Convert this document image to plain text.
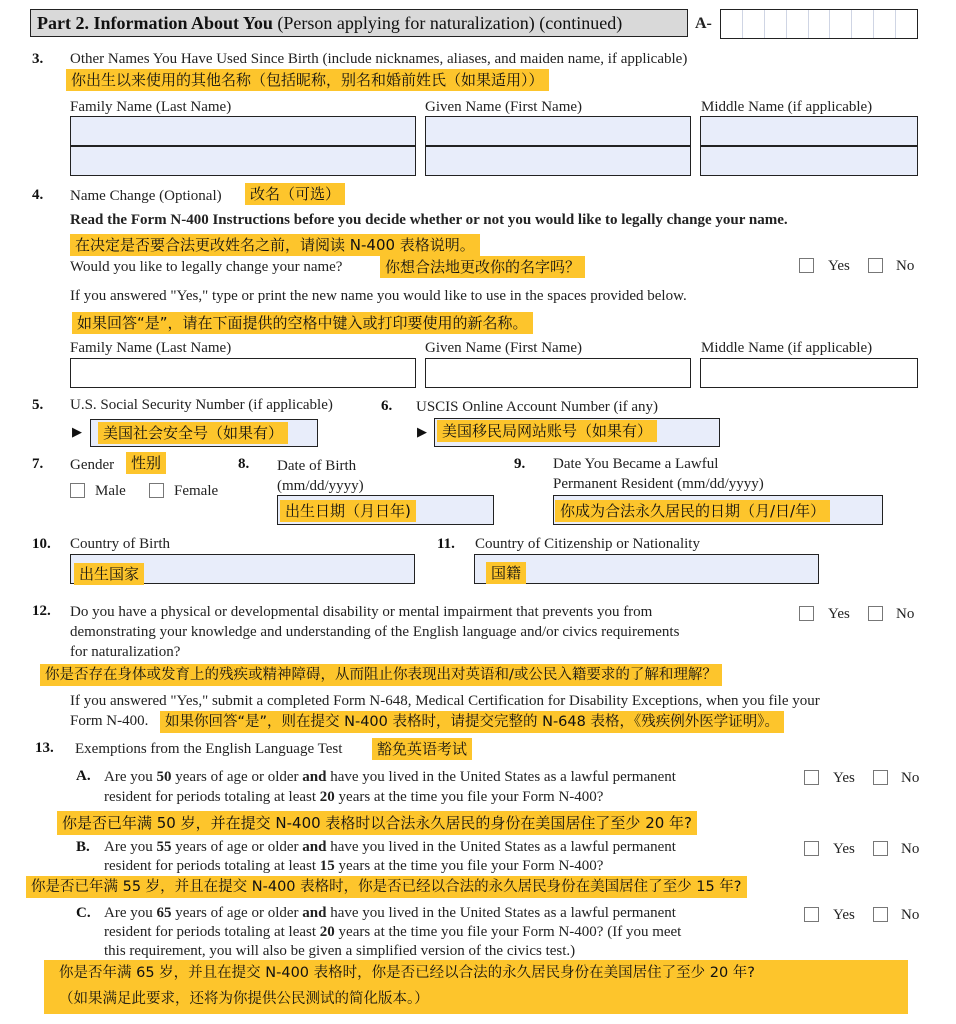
Part 2. Information About You (Person applying for naturalization) (continued)	A-
3. Other Names You Have Used Since Birth (include nicknames, aliases, and maiden name, if applicable)
你出生以来使用的其他名称（包括昵称，别名和婚前姓氏（如果适用））
Family Name (Last Name)	Given Name (First Name)	Middle Name (if applicable)
4. Name Change (Optional)	改名（可选）
Read the Form N-400 Instructions before you decide whether or not you would like to legally change your name.
在决定是否要合法更改姓名之前，请阅读 N-400 表格说明。
Would you like to legally change your name?	你想合法地更改你的名字吗？	Yes	No
If you answered "Yes," type or print the new name you would like to use in the spaces provided below.
如果回答“是”，请在下面提供的空格中键入或打印要使用的新名称。
Family Name (Last Name)	Given Name (First Name)	Middle Name (if applicable)
5. U.S. Social Security Number (if applicable)
▶	美国社会安全号（如果有）
6. USCIS Online Account Number (if any)
▶	美国移民局网站账号（如果有）
7. Gender	性别
Male	Female
8. Date of Birth
(mm/dd/yyyy)
出生日期（月日年)
9. Date You Became a Lawful
Permanent Resident (mm/dd/yyyy)
你成为合法永久居民的日期（月/日/年）
10. Country of Birth
出生国家
11. Country of Citizenship or Nationality
国籍
12. Do you have a physical or developmental disability or mental impairment that prevents you from
demonstrating your knowledge and understanding of the English language and/or civics requirements
for naturalization?
Yes	No
你是否存在身体或发育上的残疾或精神障碍，从而阻止你表现出对英语和/或公民入籍要求的了解和理解？
If you answered "Yes," submit a completed Form N-648, Medical Certification for Disability Exceptions, when you file your
Form N-400.	如果你回答“是”，则在提交 N-400 表格时，请提交完整的 N-648 表格，《残疾例外医学证明》。
13. Exemptions from the English Language Test	豁免英语考试
A. Are you 50 years of age or older and have you lived in the United States as a lawful permanent
resident for periods totaling at least 20 years at the time you file your Form N-400?
Yes	No
你是否已年满 50 岁，并在提交 N-400 表格时以合法永久居民的身份在美国居住了至少 20 年?
B. Are you 55 years of age or older and have you lived in the United States as a lawful permanent
resident for periods totaling at least 15 years at the time you file your Form N-400?
Yes	No
你是否已年满 55 岁，并且在提交 N-400 表格时，你是否已经以合法的永久居民身份在美国居住了至少 15 年?
C. Are you 65 years of age or older and have you lived in the United States as a lawful permanent
resident for periods totaling at least 20 years at the time you file your Form N-400? (If you meet
this requirement, you will also be given a simplified version of the civics test.)
Yes	No
你是否年满 65 岁，并且在提交 N-400 表格时，你是否已经以合法的永久居民身份在美国居住了至少 20 年?
（如果满足此要求，还将为你提供公民测试的简化版本。）
